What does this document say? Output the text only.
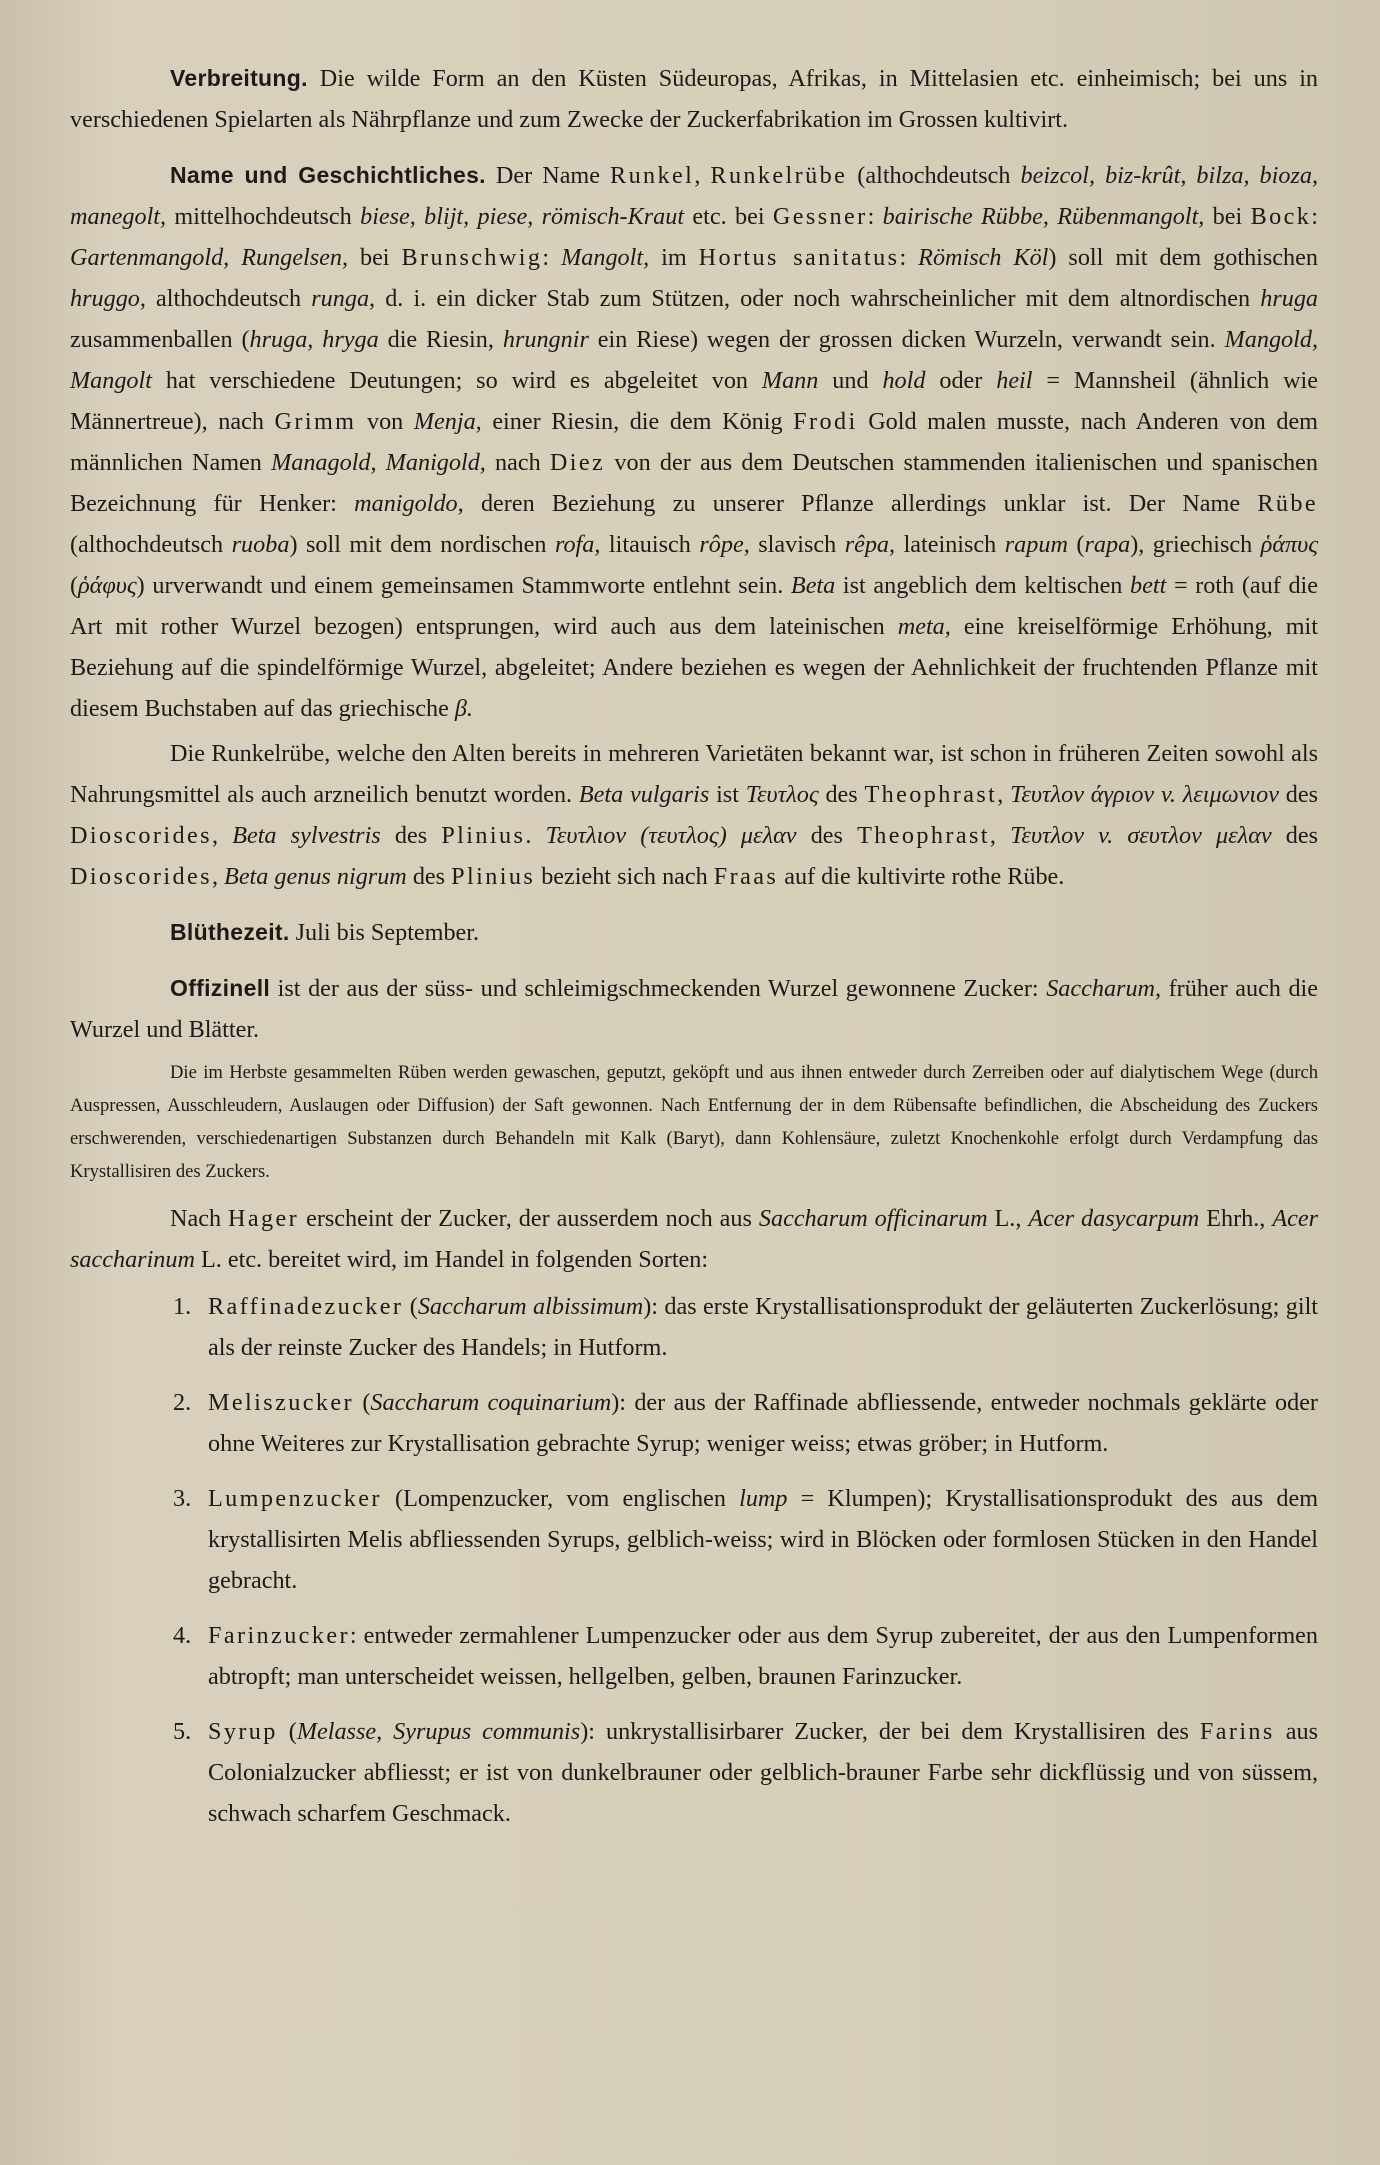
Verbreitung. Die wilde Form an den Küsten Südeuropas, Afrikas, in Mittelasien etc. einheimisch; bei uns in verschiedenen Spielarten als Nährpflanze und zum Zwecke der Zuckerfabrikation im Grossen kultivirt.

Name und Geschichtliches. Der Name Runkel, Runkelrübe (althochdeutsch beizcol, biz-krût, bilza, bioza, manegolt, mittelhochdeutsch biese, blijt, piese, römisch-Kraut etc. bei Gessner: bairische Rübbe, Rübenmangolt, bei Bock: Gartenmangold, Rungelsen, bei Brunschwig: Mangolt, im Hortus sanitatus: Römisch Köl) soll mit dem gothischen hruggo, althochdeutsch runga, d. i. ein dicker Stab zum Stützen, oder noch wahrscheinlicher mit dem altnordischen hruga zusammenballen (hruga, hryga die Riesin, hrungnir ein Riese) wegen der grossen dicken Wurzeln, verwandt sein. Mangold, Mangolt hat verschiedene Deutungen; so wird es abgeleitet von Mann und hold oder heil = Mannsheil (ähnlich wie Männertreue), nach Grimm von Menja, einer Riesin, die dem König Frodi Gold malen musste, nach Anderen von dem männlichen Namen Managold, Manigold, nach Diez von der aus dem Deutschen stammenden italienischen und spanischen Bezeichnung für Henker: manigoldo, deren Beziehung zu unserer Pflanze allerdings unklar ist. Der Name Rübe (althochdeutsch ruoba) soll mit dem nordischen rofa, litauisch rôpe, slavisch rêpa, lateinisch rapum (rapa), griechisch ῥάπυς (ῥάφυς) urverwandt und einem gemeinsamen Stammworte entlehnt sein. Beta ist angeblich dem keltischen bett = roth (auf die Art mit rother Wurzel bezogen) entsprungen, wird auch aus dem lateinischen meta, eine kreiselförmige Erhöhung, mit Beziehung auf die spindelförmige Wurzel, abgeleitet; Andere beziehen es wegen der Aehnlichkeit der fruchtenden Pflanze mit diesem Buchstaben auf das griechische β.

Die Runkelrübe, welche den Alten bereits in mehreren Varietäten bekannt war, ist schon in früheren Zeiten sowohl als Nahrungsmittel als auch arzneilich benutzt worden. Beta vulgaris ist Τευτλος des Theophrast, Τευτλον άγριον v. λειμωνιον des Dioscorides, Beta sylvestris des Plinius. Τευτλιον (τευτλος) μελαν des Theophrast, Τευτλον v. σευτλον μελαν des Dioscorides, Beta genus nigrum des Plinius bezieht sich nach Fraas auf die kultivirte rothe Rübe.

Blüthezeit. Juli bis September.

Offizinell ist der aus der süss- und schleimigschmeckenden Wurzel gewonnene Zucker: Saccharum, früher auch die Wurzel und Blätter.

Die im Herbste gesammelten Rüben werden gewaschen, geputzt, geköpft und aus ihnen entweder durch Zerreiben oder auf dialytischem Wege (durch Auspressen, Ausschleudern, Auslaugen oder Diffusion) der Saft gewonnen. Nach Entfernung der in dem Rübensafte befindlichen, die Abscheidung des Zuckers erschwerenden, verschiedenartigen Substanzen durch Behandeln mit Kalk (Baryt), dann Kohlensäure, zuletzt Knochenkohle erfolgt durch Verdampfung das Krystallisiren des Zuckers.

Nach Hager erscheint der Zucker, der ausserdem noch aus Saccharum officinarum L., Acer dasycarpum Ehrh., Acer saccharinum L. etc. bereitet wird, im Handel in folgenden Sorten:

1. Raffinadezucker (Saccharum albissimum): das erste Krystallisationsprodukt der geläuterten Zuckerlösung; gilt als der reinste Zucker des Handels; in Hutform.
2. Meliszucker (Saccharum coquinarium): der aus der Raffinade abfliessende, entweder nochmals geklärte oder ohne Weiteres zur Krystallisation gebrachte Syrup; weniger weiss; etwas gröber; in Hutform.
3. Lumpenzucker (Lompenzucker, vom englischen lump = Klumpen); Krystallisationsprodukt des aus dem krystallisirten Melis abfliessenden Syrups, gelblich-weiss; wird in Blöcken oder formlosen Stücken in den Handel gebracht.
4. Farinzucker: entweder zermahlener Lumpenzucker oder aus dem Syrup zubereitet, der aus den Lumpenformen abtropft; man unterscheidet weissen, hellgelben, gelben, braunen Farinzucker.
5. Syrup (Melasse, Syrupus communis): unkrystallisirbarer Zucker, der bei dem Krystallisiren des Farins aus Colonialzucker abfliesst; er ist von dunkelbrauner oder gelblich-brauner Farbe sehr dickflüssig und von süssem, schwach scharfem Geschmack.
